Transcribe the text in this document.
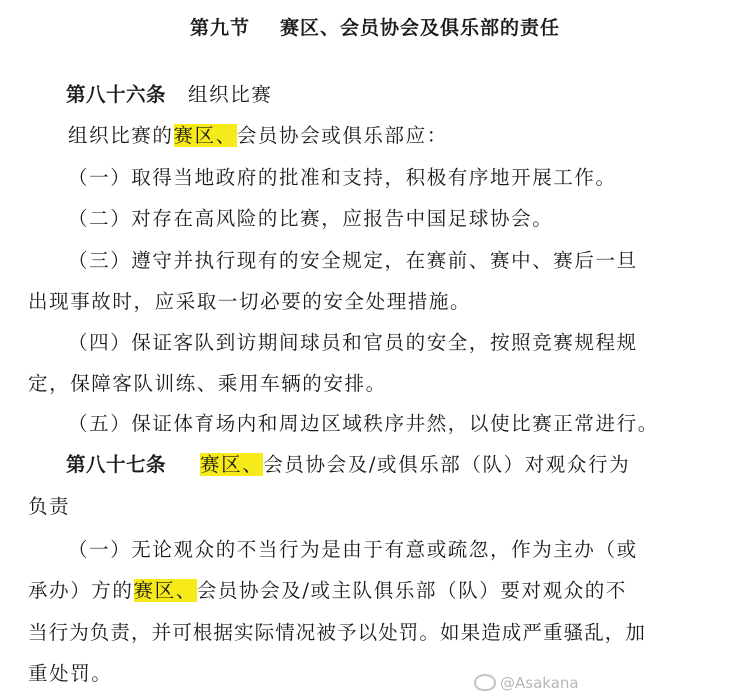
第九节 赛区、会员协会及俱乐部的责任
第八十六条 组织比赛
组织比赛的赛区、会员协会或俱乐部应：
（一）取得当地政府的批准和支持，积极有序地开展工作。
（二）对存在高风险的比赛，应报告中国足球协会。
（三）遵守并执行现有的安全规定，在赛前、赛中、赛后一旦
出现事故时，应采取一切必要的安全处理措施。
（四）保证客队到访期间球员和官员的安全，按照竞赛规程规
定，保障客队训练、乘用车辆的安排。
（五）保证体育场内和周边区域秩序井然，以使比赛正常进行。
第八十七条 赛区、会员协会及/或俱乐部（队）对观众行为
负责
（一）无论观众的不当行为是由于有意或疏忽，作为主办（或
承办）方的赛区、会员协会及/或主队俱乐部（队）要对观众的不
当行为负责，并可根据实际情况被予以处罚。如果造成严重骚乱，加
重处罚。	@Asakana
